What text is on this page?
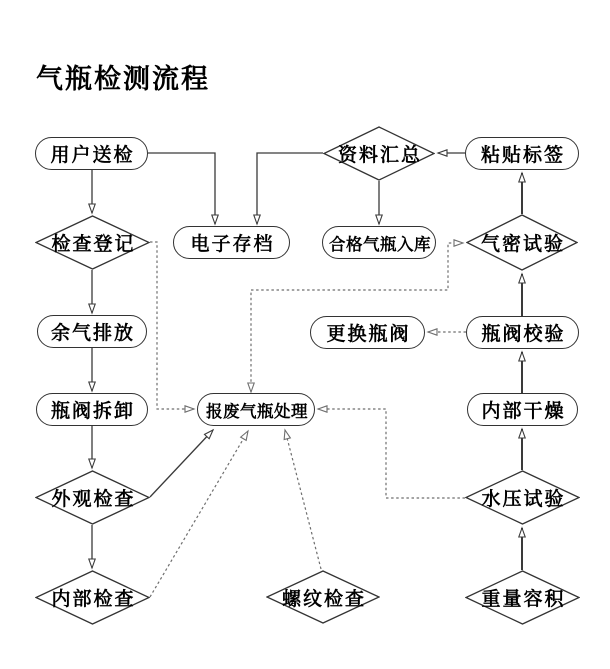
气瓶检测流程
用户送检
检查登记	电子存档
资料汇总	粘贴标签
合格气瓶入库	气密试验
余气排放	更换瓶阀	瓶阀校验
瓶阀拆卸	报废气瓶处理	内部干燥
外观检查	水压试验
内部检查	螺纹检查	重量容积
